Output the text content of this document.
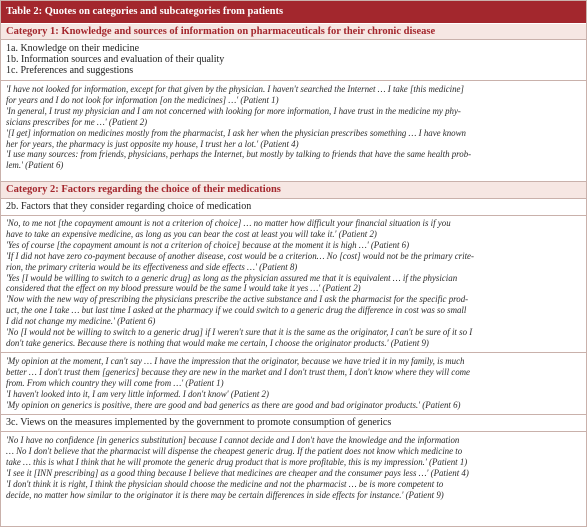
Table 2: Quotes on categories and subcategories from patients
Category 1: Knowledge and sources of information on pharmaceuticals for their chronic disease
1a. Knowledge on their medicine
1b. Information sources and evaluation of their quality
1c. Preferences and suggestions
'I have not looked for information, except for that given by the physician. I haven't searched the Internet … I take [this medicine]
for years and I do not look for information [on the medicines] …' (Patient 1)
'In general, I trust my physician and I am not concerned with looking for more information, I have trust in the medicine my phy-
sicians prescribes for me …' (Patient 2)
'[I get] information on medicines mostly from the pharmacist, I ask her when the physician prescribes something … I have known
her for years, the pharmacy is just opposite my house, I trust her a lot.' (Patient 4)
'I use many sources: from friends, physicians, perhaps the Internet, but mostly by talking to friends that have the same health prob-
lem.' (Patient 6)
Category 2: Factors regarding the choice of their medications
2b. Factors that they consider regarding choice of medication
'No, to me not [the copayment amount is not a criterion of choice] … no matter how difficult your financial situation is if you
have to take an expensive medicine, as long as you can bear the cost at least you will take it.' (Patient 2)
'Yes of course [the copayment amount is not a criterion of choice] because at the moment it is high …' (Patient 6)
'If I did not have zero co-payment because of another disease, cost would be a criterion… No [cost] would not be the primary crite-
rion, the primary criteria would be its effectiveness and side effects …' (Patient 8)
'Yes [I would be willing to switch to a generic drug] as long as the physician assured me that it is equivalent … if the physician
considered that the effect on my blood pressure would be the same I would take it yes …' (Patient 2)
'Now with the new way of prescribing the physicians prescribe the active substance and I ask the pharmacist for the specific prod-
uct, the one I take … but last time I asked at the pharmacy if we could switch to a generic drug the difference in cost was so small
I did not change my medicine.' (Patient 6)
'No [I would not be willing to switch to a generic drug] if I weren't sure that it is the same as the originator, I can't be sure of it so I
don't take generics. Because there is nothing that would make me certain, I choose the originator products.' (Patient 9)
'My opinion at the moment, I can't say … I have the impression that the originator, because we have tried it in my family, is much
better … I don't trust them [generics] because they are new in the market and I don't trust them, I don't know where they will come
from. From which country they will come from …' (Patient 1)
'I haven't looked into it, I am very little informed. I don't know' (Patient 2)
'My opinion on generics is positive, there are good and bad generics as there are good and bad originator products.' (Patient 6)
3c. Views on the measures implemented by the government to promote consumption of generics
'No I have no confidence [in generics substitution] because I cannot decide and I don't have the knowledge and the information
… No I don't believe that the pharmacist will dispense the cheapest generic drug. If the patient does not know which medicine to
take … this is what I think that he will promote the generic drug product that is more profitable, this is my impression.' (Patient 1)
'I see it [INN prescribing] as a good thing because I believe that medicines are cheaper and the consumer pays less …' (Patient 4)
'I don't think it is right, I think the physician should choose the medicine and not the pharmacist … be is more competent to
decide, no matter how similar to the originator it is there may be certain differences in side effects for instance.' (Patient 9)
